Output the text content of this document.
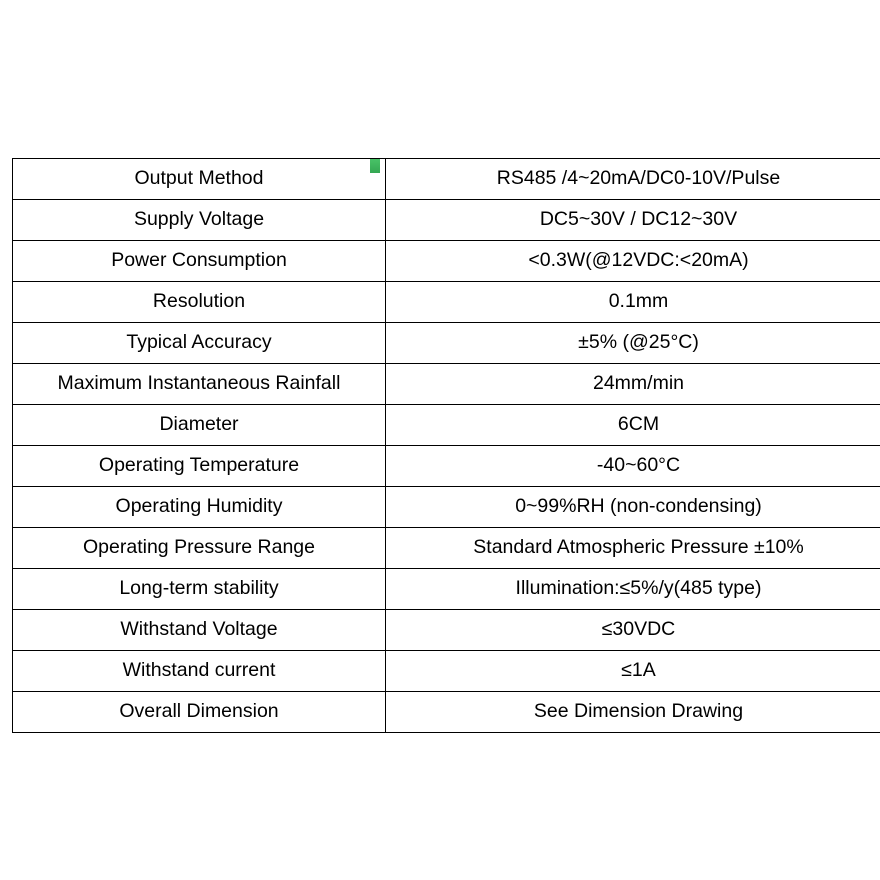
Output Method	RS485 /4~20mA/DC0-10V/Pulse
Supply Voltage	DC5~30V / DC12~30V
Power Consumption	<0.3W(@12VDC:<20mA)
Resolution	0.1mm
Typical Accuracy	±5% (@25°C)
Maximum Instantaneous Rainfall	24mm/min
Diameter	6CM
Operating Temperature	-40~60°C
Operating Humidity	0~99%RH (non-condensing)
Operating Pressure Range	Standard Atmospheric Pressure ±10%
Long-term stability	Illumination:≤5%/y(485 type)
Withstand Voltage	≤30VDC
Withstand current	≤1A
Overall Dimension	See Dimension Drawing
